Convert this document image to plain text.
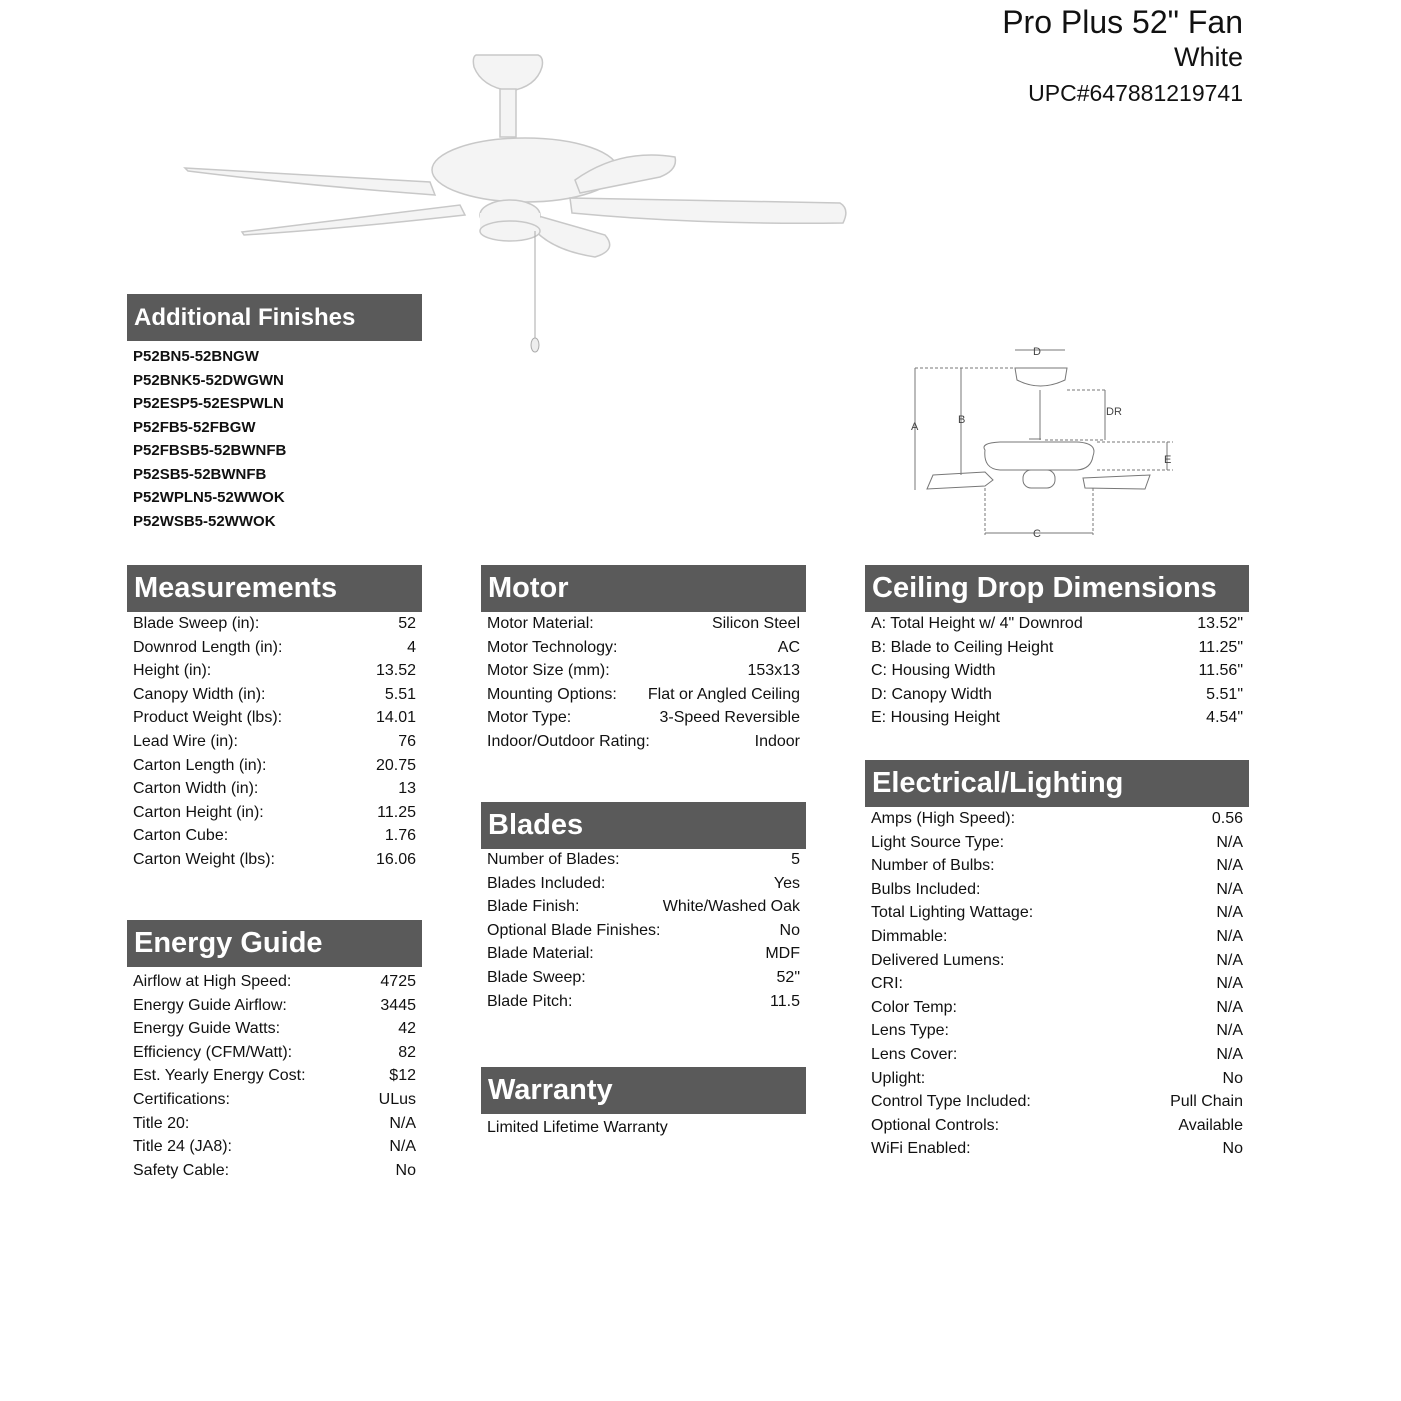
Pro Plus 52" Fan
White
UPC#647881219741
Additional Finishes
P52BN5-52BNGW
P52BNK5-52DWGWN
P52ESP5-52ESPWLN
P52FB5-52FBGW
P52FBSB5-52BWNFB
P52SB5-52BWNFB
P52WPLN5-52WWOK
P52WSB5-52WWOK
D
DR
A
B
E
C
Measurements
Blade Sweep (in):	52
Downrod Length (in):	4
Height (in):	13.52
Canopy Width (in):	5.51
Product Weight (lbs):	14.01
Lead Wire (in):	76
Carton Length (in):	20.75
Carton Width (in):	13
Carton Height (in):	11.25
Carton Cube:	1.76
Carton Weight (lbs):	16.06
Energy Guide
Airflow at High Speed:	4725
Energy Guide Airflow:	3445
Energy Guide Watts:	42
Efficiency (CFM/Watt):	82
Est. Yearly Energy Cost:	$12
Certifications:	ULus
Title 20:	N/A
Title 24 (JA8):	N/A
Safety Cable:	No
Motor
Motor Material:	Silicon Steel
Motor Technology:	AC
Motor Size (mm):	153x13
Mounting Options: Flat or Angled Ceiling
Motor Type:	3-Speed Reversible
Indoor/Outdoor Rating:	Indoor
Blades
Number of Blades:	5
Blades Included:	Yes
Blade Finish:	White/Washed Oak
Optional Blade Finishes:	No
Blade Material:	MDF
Blade Sweep:	52"
Blade Pitch:	11.5
Warranty
Limited Lifetime Warranty
Ceiling Drop Dimensions
A: Total Height w/ 4" Downrod	13.52"
B: Blade to Ceiling Height	11.25"
C: Housing Width	11.56"
D: Canopy Width	5.51"
E: Housing Height	4.54"
Electrical/Lighting
Amps (High Speed):	0.56
Light Source Type:	N/A
Number of Bulbs:	N/A
Bulbs Included:	N/A
Total Lighting Wattage:	N/A
Dimmable:	N/A
Delivered Lumens:	N/A
CRI:	N/A
Color Temp:	N/A
Lens Type:	N/A
Lens Cover:	N/A
Uplight:	No
Control Type Included:	Pull Chain
Optional Controls:	Available
WiFi Enabled:	No
